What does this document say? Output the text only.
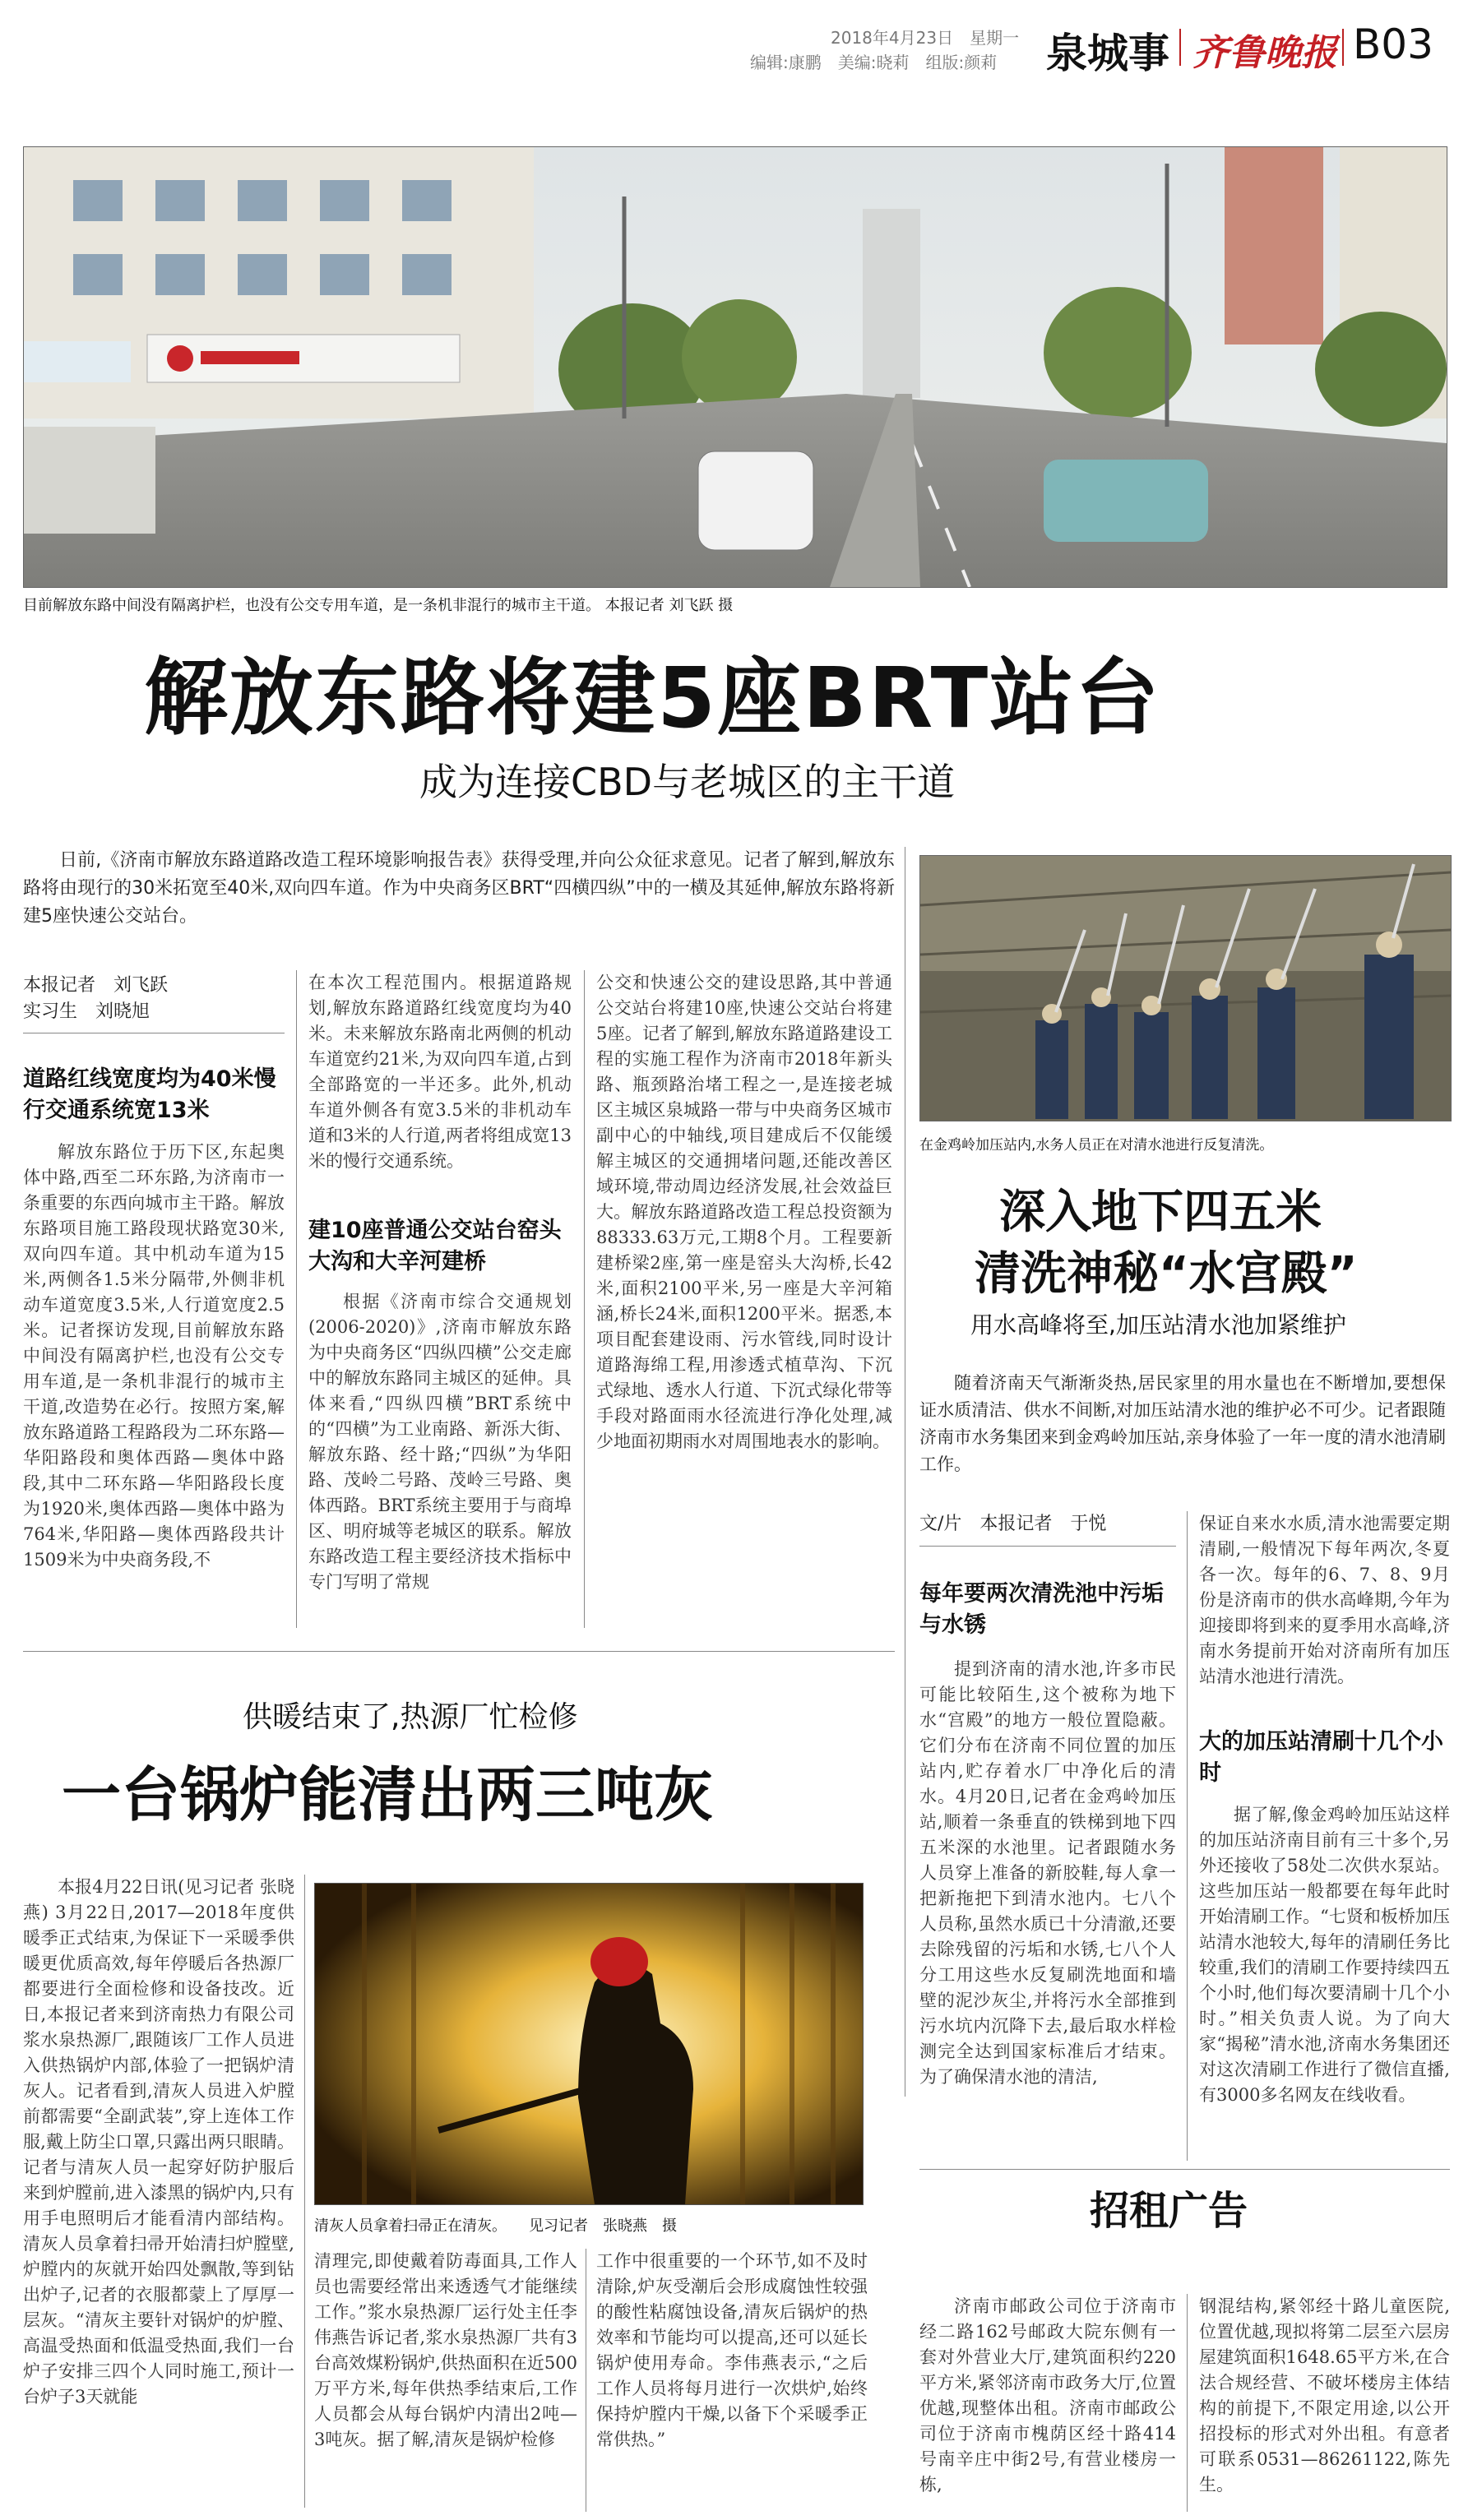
2018年4月23日　星期一
编辑:康鹏　美编:晓莉　组版:颜莉 泉城事 齐鲁晚报 B03
目前解放东路中间没有隔离护栏，也没有公交专用车道，是一条机非混行的城市主干道。 本报记者 刘飞跃 摄
解放东路将建5座BRT站台
成为连接CBD与老城区的主干道
日前,《济南市解放东路道路改造工程环境影响报告表》获得受理,并向公众征求意见。记者了解到,解放东路将由现行的30米拓宽至40米,双向四车道。作为中央商务区BRT“四横四纵”中的一横及其延伸,解放东路将新建5座快速公交站台。
本报记者　刘飞跃
实习生　刘晓旭
道路红线宽度均为40米慢行交通系统宽13米

解放东路位于历下区,东起奥体中路,西至二环东路,为济南市一条重要的东西向城市主干路。解放东路项目施工路段现状路宽30米,双向四车道。其中机动车道为15米,两侧各1.5米分隔带,外侧非机动车道宽度3.5米,人行道宽度2.5米。记者探访发现,目前解放东路中间没有隔离护栏,也没有公交专用车道,是一条机非混行的城市主干道,改造势在必行。按照方案,解放东路道路工程路段为二环东路—华阳路段和奥体西路—奥体中路段,其中二环东路—华阳路段长度为1920米,奥体西路—奥体中路为764米,华阳路—奥体西路段共计1509米为中央商务段,不

在本次工程范围内。根据道路规划,解放东路道路红线宽度均为40米。未来解放东路南北两侧的机动车道宽约21米,为双向四车道,占到全部路宽的一半还多。此外,机动车道外侧各有宽3.5米的非机动车道和3米的人行道,两者将组成宽13米的慢行交通系统。

建10座普通公交站台窑头大沟和大辛河建桥

根据《济南市综合交通规划(2006-2020)》,济南市解放东路为中央商务区“四纵四横”公交走廊中的解放东路同主城区的延伸。具体来看,“四纵四横”BRT系统中的“四横”为工业南路、新泺大街、解放东路、经十路;“四纵”为华阳路、茂岭二号路、茂岭三号路、奥体西路。BRT系统主要用于与商埠区、明府城等老城区的联系。解放东路改造工程主要经济技术指标中专门写明了常规

公交和快速公交的建设思路,其中普通公交站台将建10座,快速公交站台将建5座。记者了解到,解放东路道路建设工程的实施工程作为济南市2018年新头路、瓶颈路治堵工程之一,是连接老城区主城区泉城路一带与中央商务区城市副中心的中轴线,项目建成后不仅能缓解主城区的交通拥堵问题,还能改善区域环境,带动周边经济发展,社会效益巨大。解放东路道路改造工程总投资额为88333.63万元,工期8个月。工程要新建桥梁2座,第一座是窑头大沟桥,长42米,面积2100平米,另一座是大辛河箱涵,桥长24米,面积1200平米。据悉,本项目配套建设雨、污水管线,同时设计道路海绵工程,用渗透式植草沟、下沉式绿地、透水人行道、下沉式绿化带等手段对路面雨水径流进行净化处理,减少地面初期雨水对周围地表水的影响。

在金鸡岭加压站内,水务人员正在对清水池进行反复清洗。
深入地下四五米
清洗神秘“水宫殿”
用水高峰将至,加压站清水池加紧维护
随着济南天气渐渐炎热,居民家里的用水量也在不断增加,要想保证水质清洁、供水不间断,对加压站清水池的维护必不可少。记者跟随济南市水务集团来到金鸡岭加压站,亲身体验了一年一度的清水池清刷工作。
文/片　本报记者　于悦
每年要两次清洗池中污垢与水锈

提到济南的清水池,许多市民可能比较陌生,这个被称为地下水“宫殿”的地方一般位置隐蔽。它们分布在济南不同位置的加压站内,贮存着水厂中净化后的清水。4月20日,记者在金鸡岭加压站,顺着一条垂直的铁梯到地下四五米深的水池里。记者跟随水务人员穿上准备的新胶鞋,每人拿一把新拖把下到清水池内。七八个人员称,虽然水质已十分清澈,还要去除残留的污垢和水锈,七八个人分工用这些水反复刷洗地面和墙壁的泥沙灰尘,并将污水全部推到污水坑内沉降下去,最后取水样检测完全达到国家标准后才结束。为了确保清水池的清洁,

保证自来水水质,清水池需要定期清刷,一般情况下每年两次,冬夏各一次。每年的6、7、8、9月份是济南市的供水高峰期,今年为迎接即将到来的夏季用水高峰,济南水务提前开始对济南所有加压站清水池进行清洗。

大的加压站清刷十几个小时

据了解,像金鸡岭加压站这样的加压站济南目前有三十多个,另外还接收了58处二次供水泵站。这些加压站一般都要在每年此时开始清刷工作。“七贤和板桥加压站清水池较大,每年的清刷任务比较重,我们的清刷工作要持续四五个小时,他们每次要清刷十几个小时。”相关负责人说。为了向大家“揭秘”清水池,济南水务集团还对这次清刷工作进行了微信直播,有3000多名网友在线收看。

供暖结束了,热源厂忙检修
一台锅炉能清出两三吨灰

本报4月22日讯(见习记者 张晓燕) 3月22日,2017—2018年度供暖季正式结束,为保证下一采暖季供暖更优质高效,每年停暖后各热源厂都要进行全面检修和设备技改。近日,本报记者来到济南热力有限公司浆水泉热源厂,跟随该厂工作人员进入供热锅炉内部,体验了一把锅炉清灰人。记者看到,清灰人员进入炉膛前都需要“全副武装”,穿上连体工作服,戴上防尘口罩,只露出两只眼睛。记者与清灰人员一起穿好防护服后来到炉膛前,进入漆黑的锅炉内,只有用手电照明后才能看清内部结构。清灰人员拿着扫帚开始清扫炉膛壁,炉膛内的灰就开始四处飘散,等到钻出炉子,记者的衣服都蒙上了厚厚一层灰。“清灰主要针对锅炉的炉膛、高温受热面和低温受热面,我们一台炉子安排三四个人同时施工,预计一台炉子3天就能

清灰人员拿着扫帚正在清灰。　　见习记者　张晓燕　摄

清理完,即使戴着防毒面具,工作人员也需要经常出来透透气才能继续工作。”浆水泉热源厂运行处主任李伟燕告诉记者,浆水泉热源厂共有3台高效煤粉锅炉,供热面积在近500万平方米,每年供热季结束后,工作人员都会从每台锅炉内清出2吨—3吨灰。据了解,清灰是锅炉检修

工作中很重要的一个环节,如不及时清除,炉灰受潮后会形成腐蚀性较强的酸性粘腐蚀设备,清灰后锅炉的热效率和节能均可以提高,还可以延长锅炉使用寿命。李伟燕表示,“之后工作人员将每月进行一次烘炉,始终保持炉膛内干燥,以备下个采暖季正常供热。”

招租广告

济南市邮政公司位于济南市经二路162号邮政大院东侧有一套对外营业大厅,建筑面积约220平方米,紧邻济南市政务大厅,位置优越,现整体出租。济南市邮政公司位于济南市槐荫区经十路414号南辛庄中街2号,有营业楼房一栋,

钢混结构,紧邻经十路儿童医院,位置优越,现拟将第二层至六层房屋建筑面积1648.65平方米,在合法合规经营、不破坏楼房主体结构的前提下,不限定用途,以公开招投标的形式对外出租。有意者可联系0531—86261122,陈先生。
